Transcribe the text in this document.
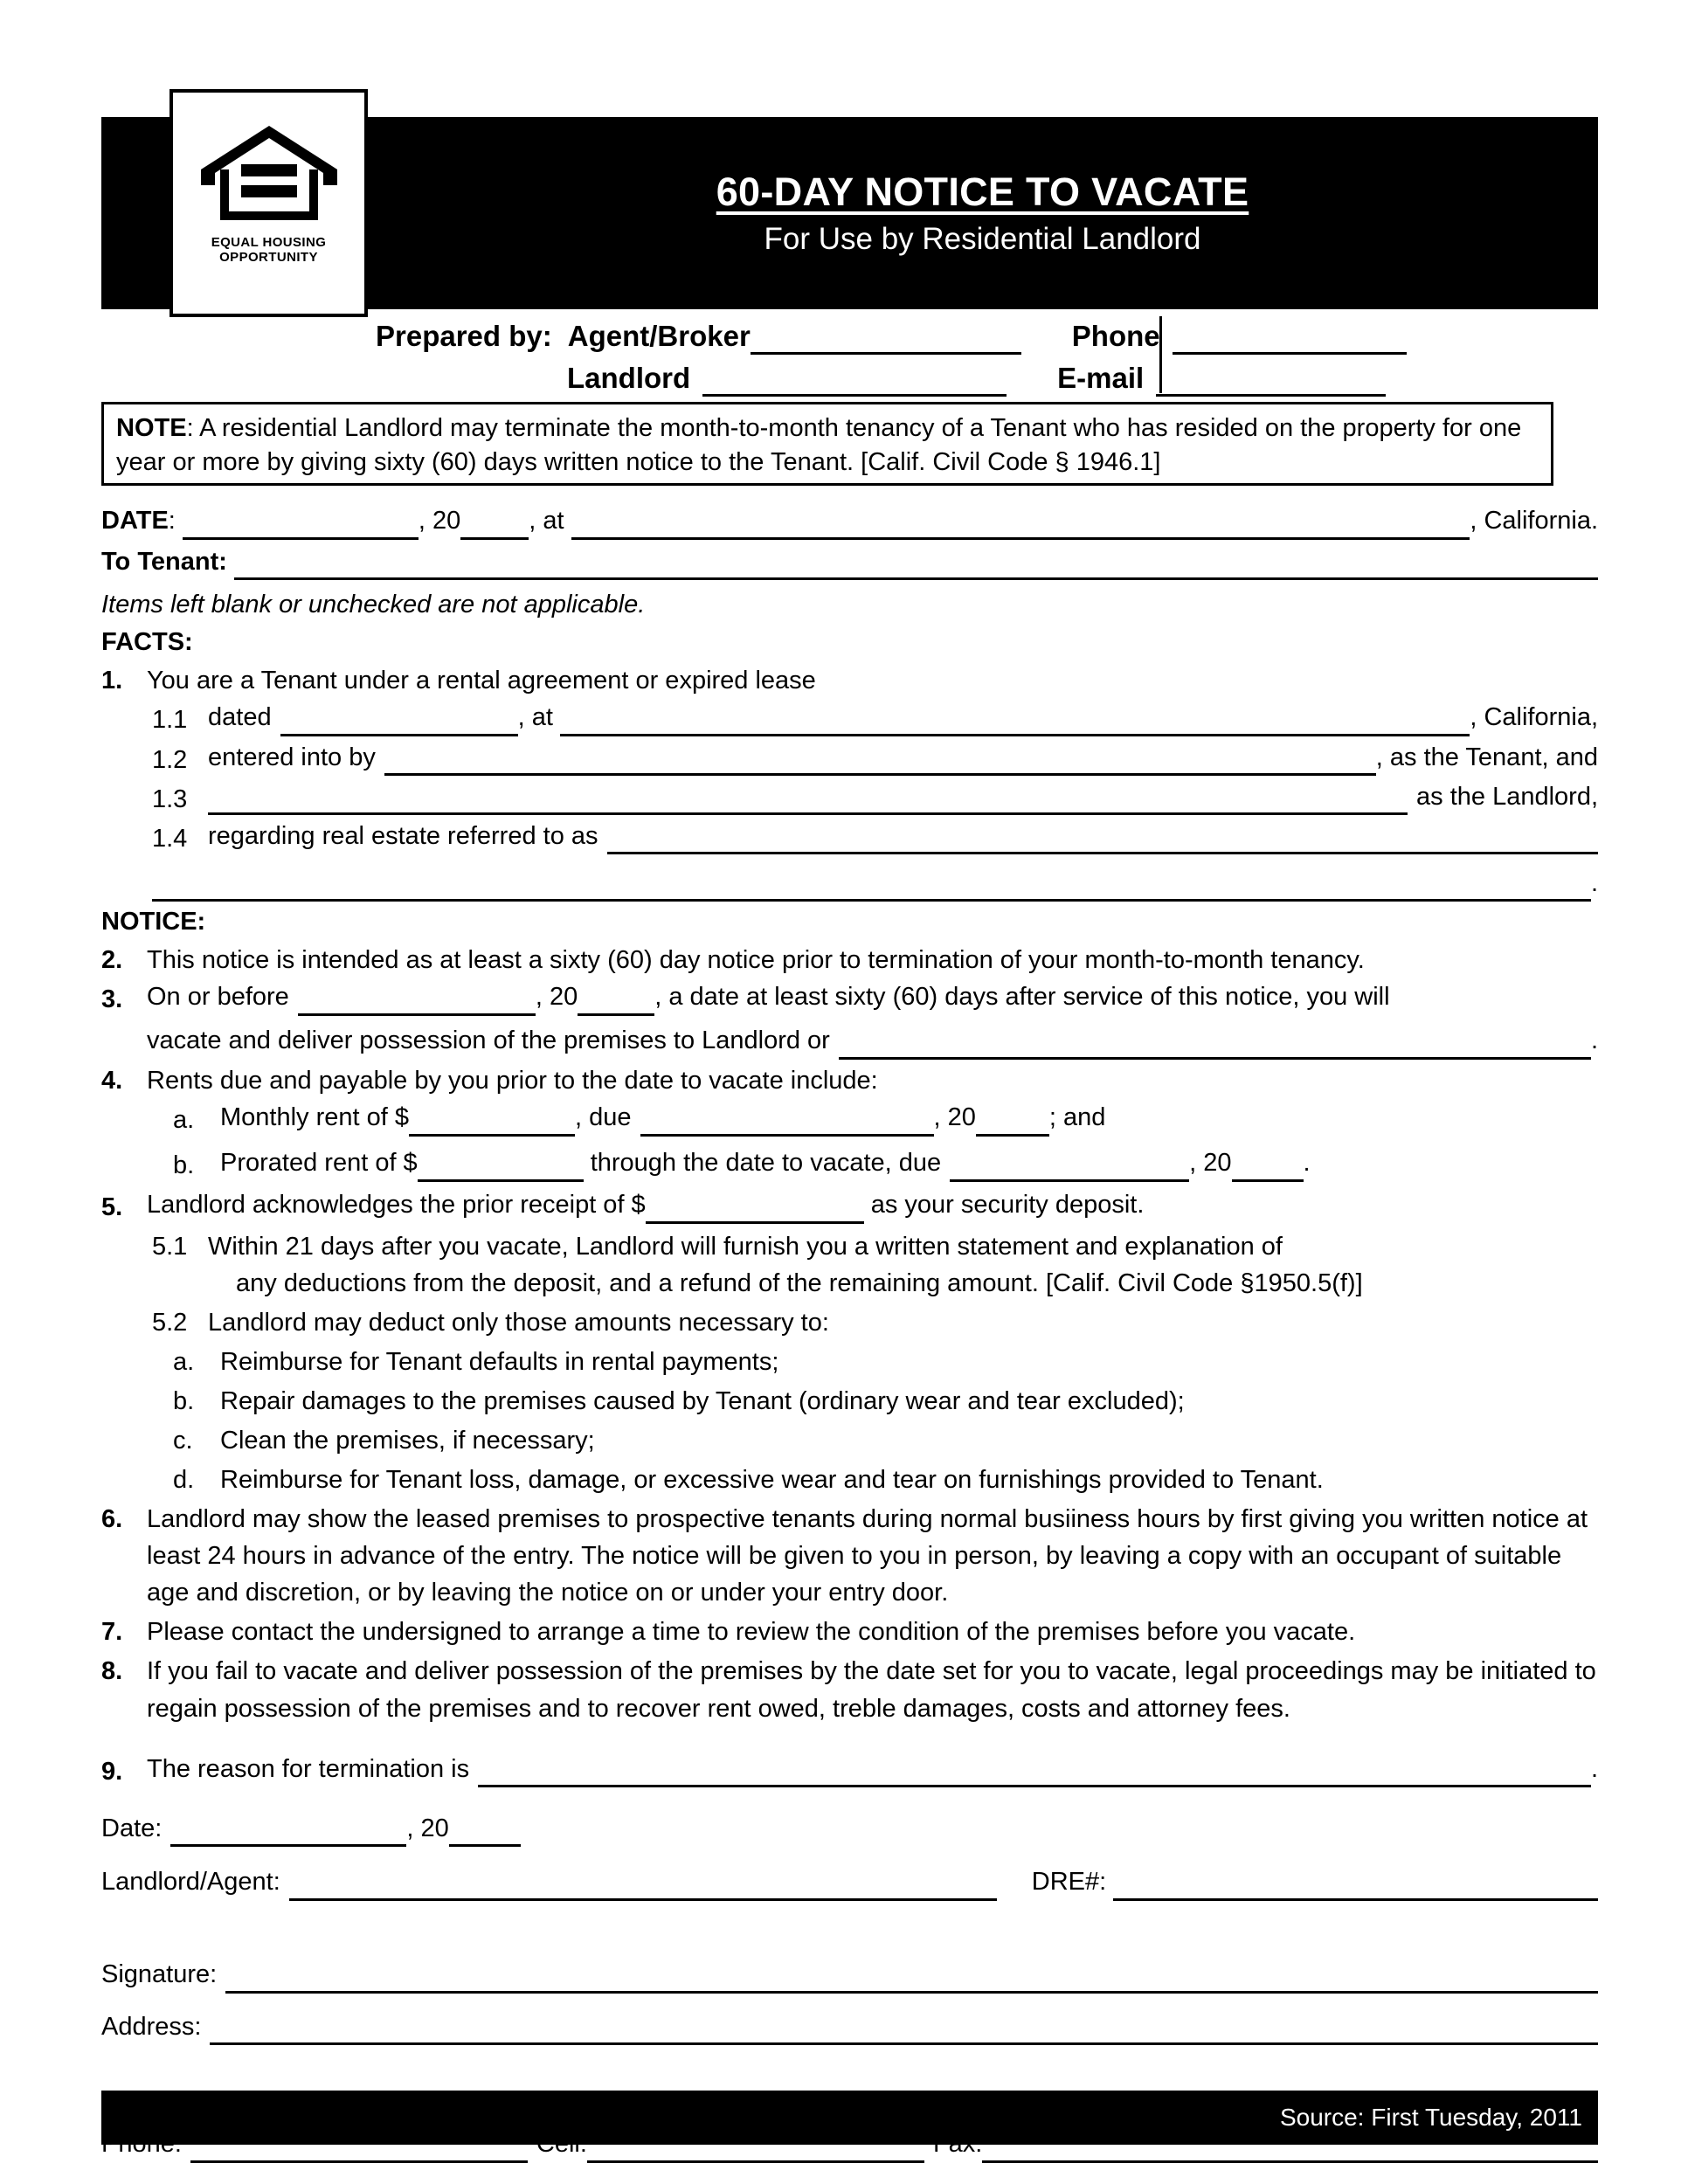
60-DAY NOTICE TO VACATE
For Use by Residential Landlord
EQUAL HOUSING
OPPORTUNITY
Prepared by: Agent/Broker	Phone
Landlord	E-mail
NOTE: A residential Landlord may terminate the month-to-month tenancy of a Tenant who has resided on the property for one year or more by giving sixty (60) days written notice to the Tenant. [Calif. Civil Code § 1946.1]
DATE :	, 20	, at	, California.
To Tenant :
Items left blank or unchecked are not applicable.
FACTS:
1. You are a Tenant under a rental agreement or expired lease
1.1 dated	, at	, California,
1.2 entered into by	, as the Tenant, and
1.3	as the Landlord,
1.4 regarding real estate referred to as
.
NOTICE:
2. This notice is intended as at least a sixty (60) day notice prior to termination of your month-to-month tenancy.
3. On or before	, 20	, a date at least sixty (60) days after service of this notice, you will
vacate and deliver possession of the premises to Landlord or	.
4. Rents due and payable by you prior to the date to vacate include:
a.	Monthly rent of $	, due	, 20	; and
b.	Prorated rent of $	through the date to vacate, due	, 20	.
5. Landlord acknowledges the prior receipt of $	as your security deposit.
5.1 Within 21 days after you vacate, Landlord will furnish you a written statement and explanation of
any deductions from the deposit, and a refund of the remaining amount. [Calif. Civil Code §1950.5(f)]
5.2 Landlord may deduct only those amounts necessary to:
a.	Reimburse for Tenant defaults in rental payments;
b.	Repair damages to the premises caused by Tenant (ordinary wear and tear excluded);
c.	Clean the premises, if necessary;
d.	Reimburse for Tenant loss, damage, or excessive wear and tear on furnishings provided to Tenant.
6. Landlord may show the leased premises to prospective tenants during normal busiiness hours by first giving you written notice at least 24 hours in advance of the entry. The notice will be given to you in person, by leaving a copy with an occupant of suitable age and discretion, or by leaving the notice on or under your entry door.
7. Please contact the undersigned to arrange a time to review the condition of the premises before you vacate.
8. If you fail to vacate and deliver possession of the premises by the date set for you to vacate, legal proceedings may be initiated to regain possession of the premises and to recover rent owed, treble damages, costs and attorney fees.
9. The reason for termination is	.
Date:	, 20
Landlord/Agent:	DRE#:
Signature:
Address:
Source: First Tuesday, 2011
